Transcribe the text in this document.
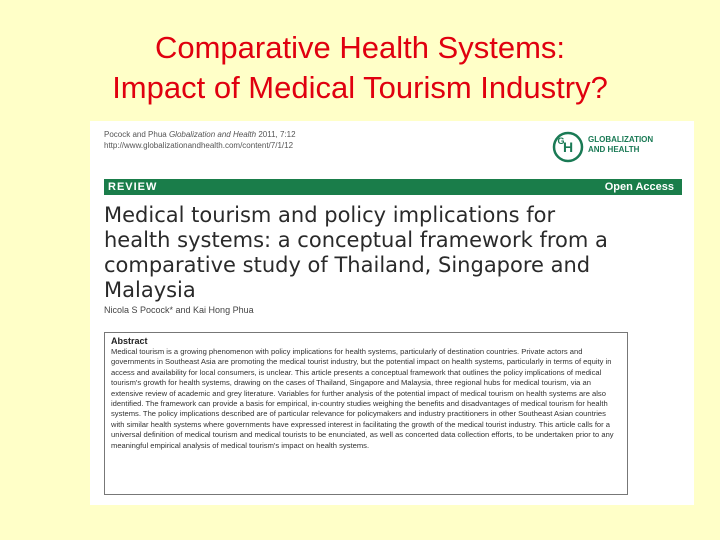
Comparative Health Systems:
Impact of Medical Tourism Industry?
Pocock and Phua Globalization and Health 2011, 7:12
http://www.globalizationandhealth.com/content/7/1/12	H
G	GLOBALIZATION
AND HEALTH
REVIEW	Open Access
Medical tourism and policy implications for
health systems: a conceptual framework from a
comparative study of Thailand, Singapore and
Malaysia
Nicola S Pocock* and Kai Hong Phua
Abstract

Medical tourism is a growing phenomenon with policy implications for health systems, particularly of destination countries. Private actors and governments in Southeast Asia are promoting the medical tourist industry, but the potential impact on health systems, particularly in terms of equity in access and availability for local consumers, is unclear. This article presents a conceptual framework that outlines the policy implications of medical tourism's growth for health systems, drawing on the cases of Thailand, Singapore and Malaysia, three regional hubs for medical tourism, via an extensive review of academic and grey literature. Variables for further analysis of the potential impact of medical tourism on health systems are also identified. The framework can provide a basis for empirical, in-country studies weighing the benefits and disadvantages of medical tourism for health systems. The policy implications described are of particular relevance for policymakers and industry practitioners in other Southeast Asian countries with similar health systems where governments have expressed interest in facilitating the growth of the medical tourist industry. This article calls for a universal definition of medical tourism and medical tourists to be enunciated, as well as concerted data collection efforts, to be undertaken prior to any meaningful empirical analysis of medical tourism's impact on health systems.
